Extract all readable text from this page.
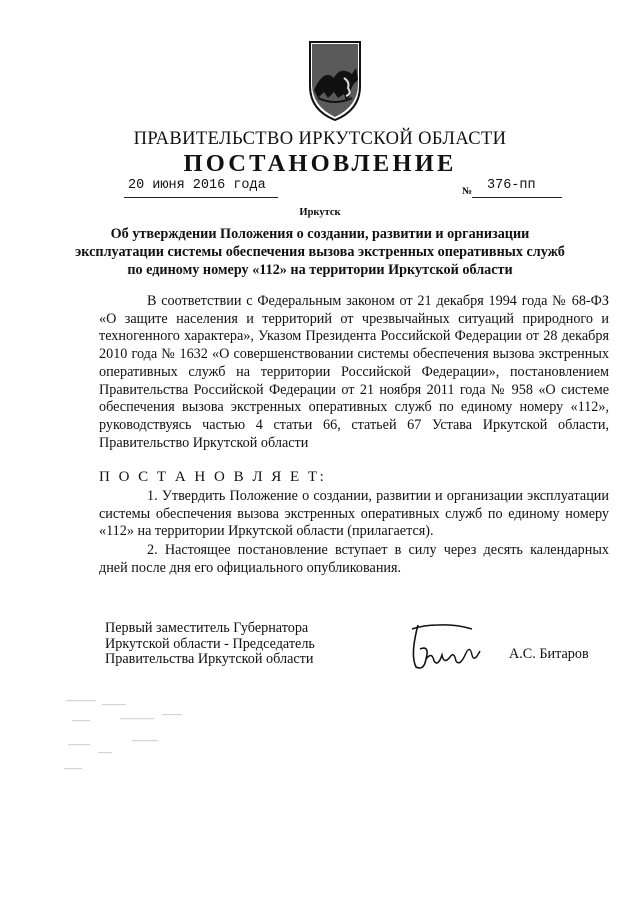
ПРАВИТЕЛЬСТВО ИРКУТСКОЙ ОБЛАСТИ
ПОСТАНОВЛЕНИЕ
20 июня 2016 года	№ 376-пп
Иркутск
Об утверждении Положения о создании, развитии и организации эксплуатации системы обеспечения вызова экстренных оперативных служб по единому номеру «112» на территории Иркутской области
В соответствии с Федеральным законом от 21 декабря 1994 года № 68-ФЗ «О защите населения и территорий от чрезвычайных ситуаций природного и техногенного характера», Указом Президента Российской Федерации от 28 декабря 2010 года № 1632 «О совершенствовании системы обеспечения вызова экстренных оперативных служб на территории Российской Федерации», постановлением Правительства Российской Федерации от 21 ноября 2011 года № 958 «О системе обеспечения вызова экстренных оперативных служб по единому номеру «112», руководствуясь частью 4 статьи 66, статьей 67 Устава Иркутской области, Правительство Иркутской области
П О С Т А Н О В Л Я Е Т:
1. Утвердить Положение о создании, развитии и организации эксплуатации системы обеспечения вызова экстренных оперативных служб по единому номеру «112» на территории Иркутской области (прилагается).
2. Настоящее постановление вступает в силу через десять календарных дней после дня его официального опубликования.
Первый заместитель Губернатора
Иркутской области - Председатель
Правительства Иркутской области	А.С. Битаров
